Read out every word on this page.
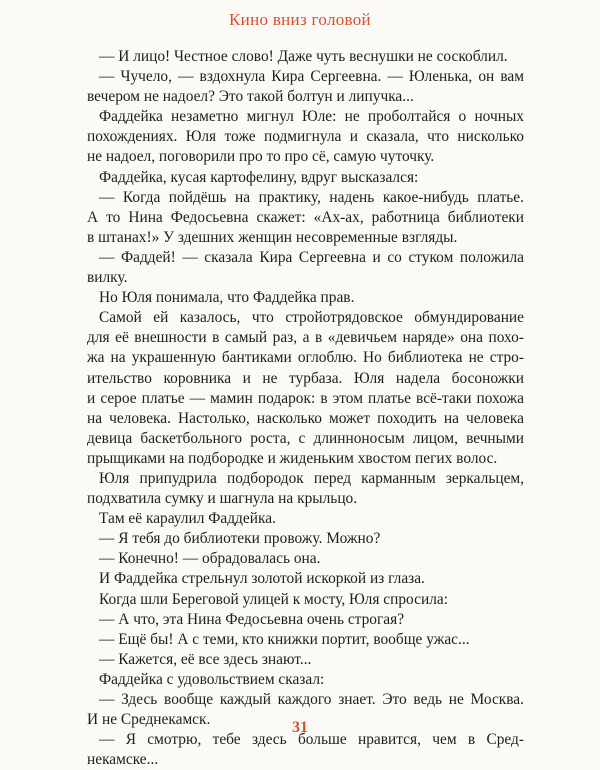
Кино вниз головой
— И лицо! Честное слово! Даже чуть веснушки не соскоблил.
— Чучело, — вздохнула Кира Сергеевна. — Юленька, он вам
вечером не надоел? Это такой болтун и липучка...
Фаддейка незаметно мигнул Юле: не проболтайся о ночных
похождениях. Юля тоже подмигнула и сказала, что нисколько
не надоел, поговорили про то про сё, самую чуточку.
Фаддейка, кусая картофелину, вдруг высказался:
— Когда пойдёшь на практику, надень какое-нибудь платье.
А то Нина Федосьевна скажет: «Ах-ах, работница библиотеки
в штанах!» У здешних женщин несовременные взгляды.
— Фаддей! — сказала Кира Сергеевна и со стуком положила
вилку.
Но Юля понимала, что Фаддейка прав.
Самой ей казалось, что стройотрядовское обмундирование
для её внешности в самый раз, а в «девичьем наряде» она похо-
жа на украшенную бантиками оглоблю. Но библиотека не стро-
ительство коровника и не турбаза. Юля надела босоножки
и серое платье — мамин подарок: в этом платье всё-таки похожа
на человека. Настолько, насколько может походить на человека
девица баскетбольного роста, с длинноносым лицом, вечными
прыщиками на подбородке и жиденьким хвостом пегих волос.
Юля припудрила подбородок перед карманным зеркальцем,
подхватила сумку и шагнула на крыльцо.
Там её караулил Фаддейка.
— Я тебя до библиотеки провожу. Можно?
— Конечно! — обрадовалась она.
И Фаддейка стрельнул золотой искоркой из глаза.
Когда шли Береговой улицей к мосту, Юля спросила:
— А что, эта Нина Федосьевна очень строгая?
— Ещё бы! А с теми, кто книжки портит, вообще ужас...
— Кажется, её все здесь знают...
Фаддейка с удовольствием сказал:
— Здесь вообще каждый каждого знает. Это ведь не Москва.
И не Среднекамск.
— Я смотрю, тебе здесь больше нравится, чем в Сред-
некамске...
31
